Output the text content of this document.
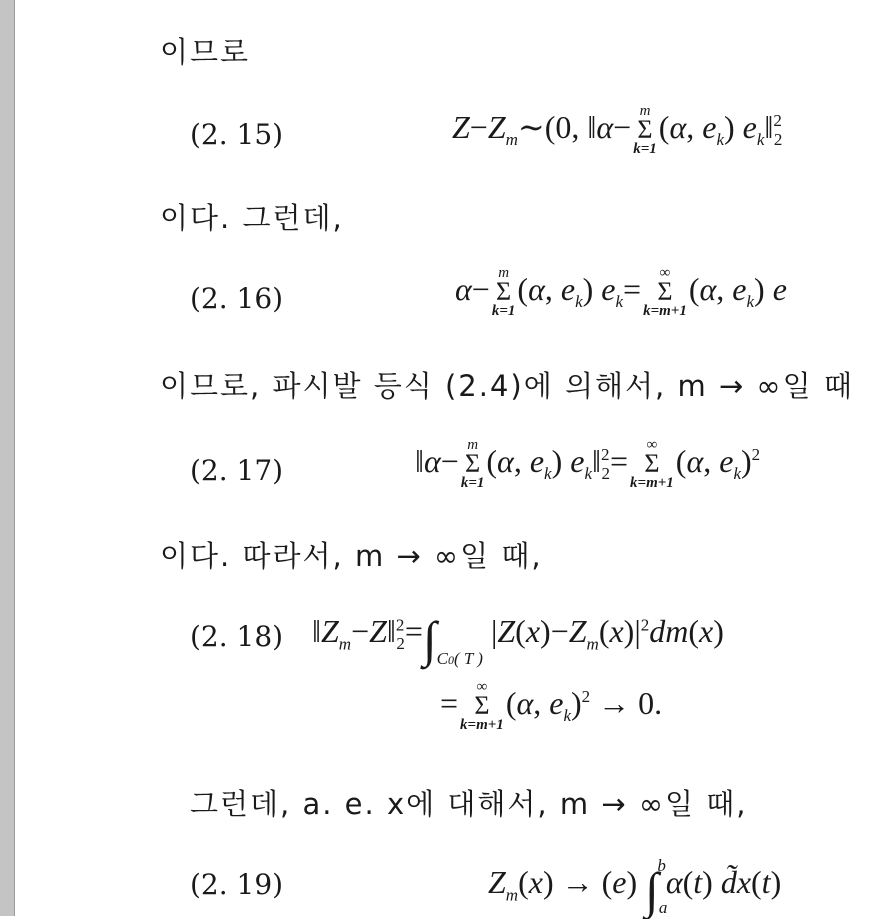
이므로
(2. 15)	$Z-Z_m\sim(0$, ‖α− m
Σ
k=1
(α, $e_k$) $e_k‖^2_2$
이다. 그런데,
(2. 16)	α− m
Σ
k=1
(α, $e_k$) $e_k=$	∞
Σ
k=m+1
(α, $e_k$) e
이므로, 파시발 등식 (2.4)에 의해서, m → ∞일 때
(2. 17)	‖α− m
Σ
k=1
(α, $e_k$) $e_k‖^2_2=$	∞
Σ
k=m+1
(α, $e_k)^2$
이다. 따라서, m → ∞일 때,
(2. 18) $‖Z_m-Z‖^2_2=\int_{C0( T )}$ $|Z(x)-Z_m(x)|^2dm(x)$
=	∞
Σ
k=m+1
(α, $e_k)^2 \to 0$.
그런데, a. e. x에 대해서, m → ∞일 때,
(2. 19)	$Z_m(x) \to (e)$ $\int_a^b\alpha(t)$ d̃x(t)
